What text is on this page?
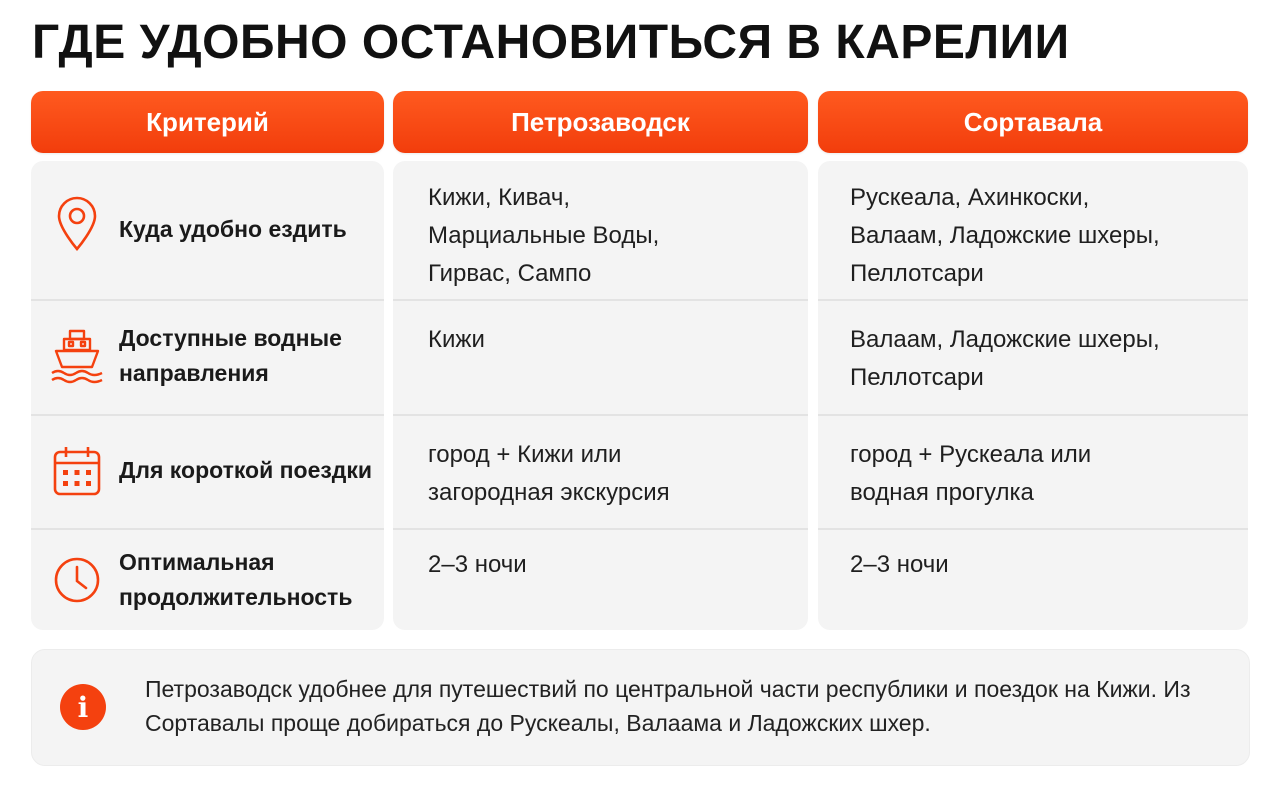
ГДЕ УДОБНО ОСТАНОВИТЬСЯ В КАРЕЛИИ
Критерий
Куда удобно ездить
Доступные водные направления
Для короткой поездки
Оптимальная продолжительность
Петрозаводск
Кижи, Кивач,
Марциальные Воды,
Гирвас, Сампо
Кижи
город + Кижи или
загородная экскурсия
2–3 ночи
Сортавала
Рускеала, Ахинкоски,
Валаам, Ладожские шхеры,
Пеллотсари
Валаам, Ладожские шхеры,
Пеллотсари
город + Рускеала или
водная прогулка
2–3 ночи
i
Петрозаводск удобнее для путешествий по центральной части республики и поездок на Кижи. Из Сортавалы проще добираться до Рускеалы, Валаама и Ладожских шхер.
